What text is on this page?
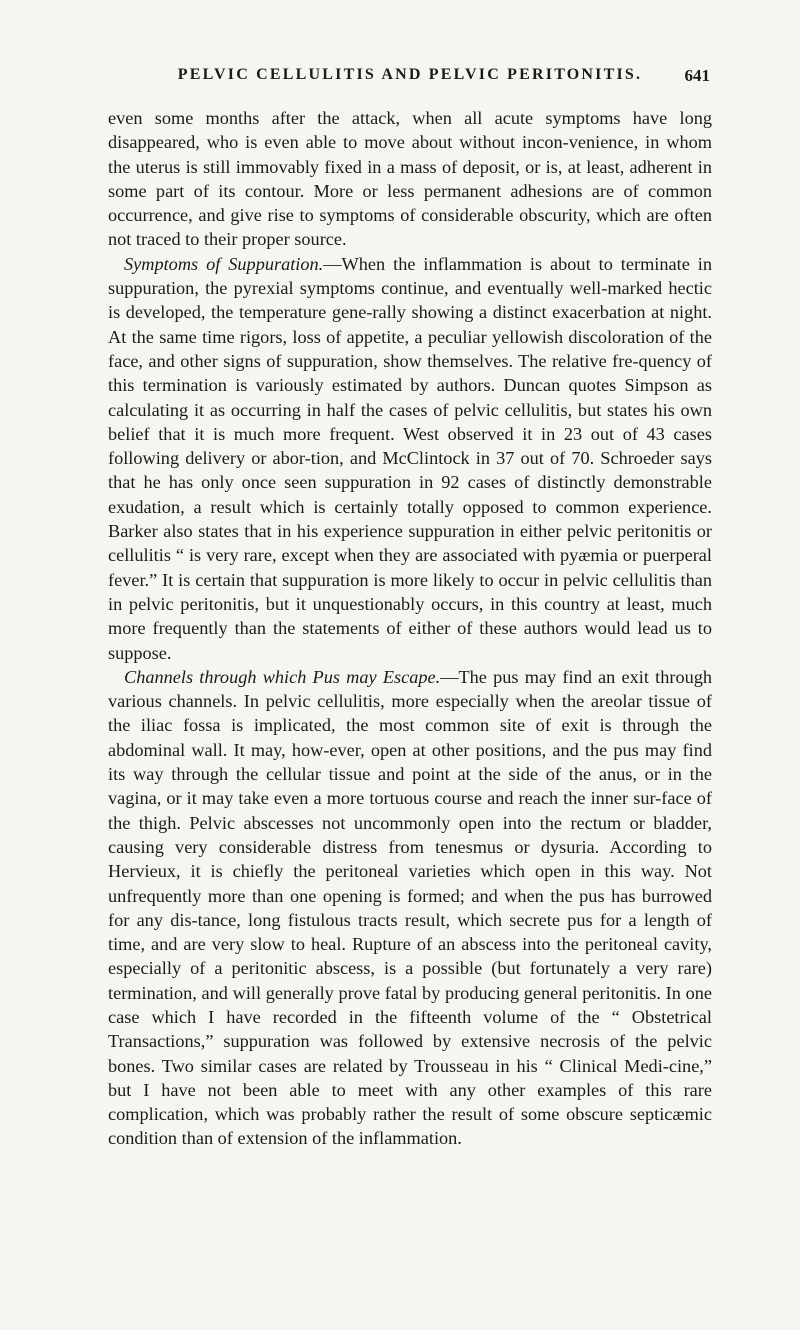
PELVIC CELLULITIS AND PELVIC PERITONITIS.	641

even some months after the attack, when all acute symptoms have long disappeared, who is even able to move about without incon-venience, in whom the uterus is still immovably fixed in a mass of deposit, or is, at least, adherent in some part of its contour. More or less permanent adhesions are of common occurrence, and give rise to symptoms of considerable obscurity, which are often not traced to their proper source.

Symptoms of Suppuration.—When the inflammation is about to terminate in suppuration, the pyrexial symptoms continue, and eventually well-marked hectic is developed, the temperature gene-rally showing a distinct exacerbation at night. At the same time rigors, loss of appetite, a peculiar yellowish discoloration of the face, and other signs of suppuration, show themselves. The relative fre-quency of this termination is variously estimated by authors. Duncan quotes Simpson as calculating it as occurring in half the cases of pelvic cellulitis, but states his own belief that it is much more frequent. West observed it in 23 out of 43 cases following delivery or abor-tion, and McClintock in 37 out of 70. Schroeder says that he has only once seen suppuration in 92 cases of distinctly demonstrable exudation, a result which is certainly totally opposed to common experience. Barker also states that in his experience suppuration in either pelvic peritonitis or cellulitis “ is very rare, except when they are associated with pyæmia or puerperal fever.” It is certain that suppuration is more likely to occur in pelvic cellulitis than in pelvic peritonitis, but it unquestionably occurs, in this country at least, much more frequently than the statements of either of these authors would lead us to suppose.

Channels through which Pus may Escape.—The pus may find an exit through various channels. In pelvic cellulitis, more especially when the areolar tissue of the iliac fossa is implicated, the most common site of exit is through the abdominal wall. It may, how-ever, open at other positions, and the pus may find its way through the cellular tissue and point at the side of the anus, or in the vagina, or it may take even a more tortuous course and reach the inner sur-face of the thigh. Pelvic abscesses not uncommonly open into the rectum or bladder, causing very considerable distress from tenesmus or dysuria. According to Hervieux, it is chiefly the peritoneal varieties which open in this way. Not unfrequently more than one opening is formed; and when the pus has burrowed for any dis-tance, long fistulous tracts result, which secrete pus for a length of time, and are very slow to heal. Rupture of an abscess into the peritoneal cavity, especially of a peritonitic abscess, is a possible (but fortunately a very rare) termination, and will generally prove fatal by producing general peritonitis. In one case which I have recorded in the fifteenth volume of the “ Obstetrical Transactions,” suppuration was followed by extensive necrosis of the pelvic bones. Two similar cases are related by Trousseau in his “ Clinical Medi-cine,” but I have not been able to meet with any other examples of this rare complication, which was probably rather the result of some obscure septicæmic condition than of extension of the inflammation.
